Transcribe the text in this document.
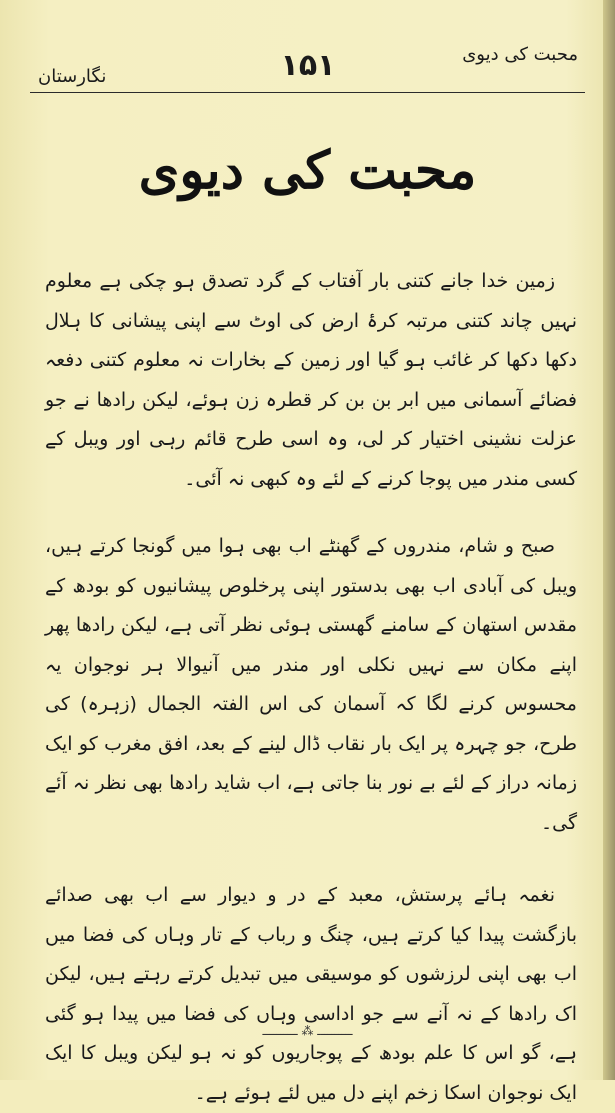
نگارستان	۱۵۱	محبت کی دیوی
محبت کی دیوی

زمین خدا جانے کتنی بار آفتاب کے گرد تصدق ہو چکی ہے معلوم نہیں چاند کتنی مرتبہ کرۂ ارض کی اوٹ سے اپنی پیشانی کا ہلال دکھا دکھا کر غائب ہو گیا اور زمین کے بخارات نہ معلوم کتنی دفعہ فضائے آسمانی میں ابر بن بن کر قطرہ زن ہوئے، لیکن رادھا نے جو عزلت نشینی اختیار کر لی، وہ اسی طرح قائم رہی اور ویبل کے کسی مندر میں پوجا کرنے کے لئے وہ کبھی نہ آئی۔

صبح و شام، مندروں کے گھنٹے اب بھی ہوا میں گونجا کرتے ہیں، ویبل کی آبادی اب بھی بدستور اپنی پرخلوص پیشانیوں کو بودھ کے مقدس استھان کے سامنے گھستی ہوئی نظر آتی ہے، لیکن رادھا پھر اپنے مکان سے نہیں نکلی اور مندر میں آنیوالا ہر نوجوان یہ محسوس کرنے لگا کہ آسمان کی اس الفتہ الجمال (زہرہ) کی طرح، جو چہرہ پر ایک بار نقاب ڈال لینے کے بعد، افق مغرب کو ایک زمانہ دراز کے لئے بے نور بنا جاتی ہے، اب شاید رادھا بھی نظر نہ آئے گی۔

نغمہ ہائے پرستش، معبد کے در و دیوار سے اب بھی صدائے بازگشت پیدا کیا کرتے ہیں، چنگ و رباب کے تار وہاں کی فضا میں اب بھی اپنی لرزشوں کو موسیقی میں تبدیل کرتے رہتے ہیں، لیکن اک رادھا کے نہ آنے سے جو اداسی وہاں کی فضا میں پیدا ہو گئی ہے، گو اس کا علم بودھ کے پوجاریوں کو نہ ہو لیکن ویبل کا ایک ایک نوجوان اسکا زخم اپنے دل میں لئے ہوئے ہے۔

ــــــــــ ⁂ ــــــــــ
